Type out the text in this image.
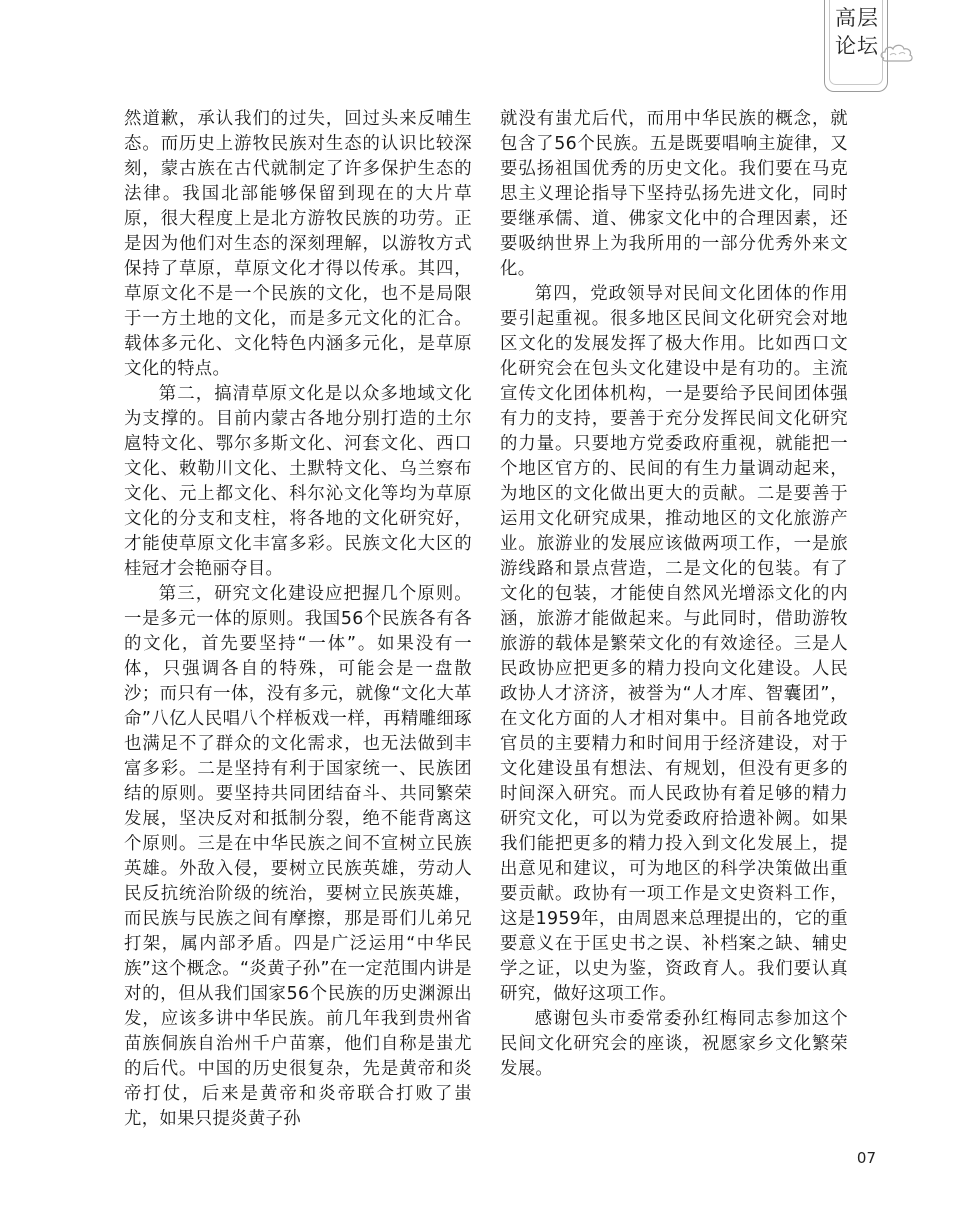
高层
论坛

然道歉，承认我们的过失，回过头来反哺生态。而历史上游牧民族对生态的认识比较深刻，蒙古族在古代就制定了许多保护生态的法律。我国北部能够保留到现在的大片草原，很大程度上是北方游牧民族的功劳。正是因为他们对生态的深刻理解，以游牧方式保持了草原，草原文化才得以传承。其四，草原文化不是一个民族的文化，也不是局限于一方土地的文化，而是多元文化的汇合。载体多元化、文化特色内涵多元化，是草原文化的特点。

第二，搞清草原文化是以众多地域文化为支撑的。目前内蒙古各地分别打造的土尔扈特文化、鄂尔多斯文化、河套文化、西口文化、敕勒川文化、土默特文化、乌兰察布文化、元上都文化、科尔沁文化等均为草原文化的分支和支柱，将各地的文化研究好，才能使草原文化丰富多彩。民族文化大区的桂冠才会艳丽夺目。

第三，研究文化建设应把握几个原则。一是多元一体的原则。我国56个民族各有各的文化，首先要坚持“一体”。如果没有一体，只强调各自的特殊，可能会是一盘散沙；而只有一体，没有多元，就像“文化大革命”八亿人民唱八个样板戏一样，再精雕细琢也满足不了群众的文化需求，也无法做到丰富多彩。二是坚持有利于国家统一、民族团结的原则。要坚持共同团结奋斗、共同繁荣发展，坚决反对和抵制分裂，绝不能背离这个原则。三是在中华民族之间不宣树立民族英雄。外敌入侵，要树立民族英雄，劳动人民反抗统治阶级的统治，要树立民族英雄，而民族与民族之间有摩擦，那是哥们儿弟兄打架，属内部矛盾。四是广泛运用“中华民族”这个概念。“炎黄子孙”在一定范围内讲是对的，但从我们国家56个民族的历史渊源出发，应该多讲中华民族。前几年我到贵州省苗族侗族自治州千户苗寨，他们自称是蚩尤的后代。中国的历史很复杂，先是黄帝和炎帝打仗，后来是黄帝和炎帝联合打败了蚩尤，如果只提炎黄子孙

就没有蚩尤后代，而用中华民族的概念，就包含了56个民族。五是既要唱响主旋律，又要弘扬祖国优秀的历史文化。我们要在马克思主义理论指导下坚持弘扬先进文化，同时要继承儒、道、佛家文化中的合理因素，还要吸纳世界上为我所用的一部分优秀外来文化。

第四，党政领导对民间文化团体的作用要引起重视。很多地区民间文化研究会对地区文化的发展发挥了极大作用。比如西口文化研究会在包头文化建设中是有功的。主流宣传文化团体机构，一是要给予民间团体强有力的支持，要善于充分发挥民间文化研究的力量。只要地方党委政府重视，就能把一个地区官方的、民间的有生力量调动起来，为地区的文化做出更大的贡献。二是要善于运用文化研究成果，推动地区的文化旅游产业。旅游业的发展应该做两项工作，一是旅游线路和景点营造，二是文化的包装。有了文化的包装，才能使自然风光增添文化的内涵，旅游才能做起来。与此同时，借助游牧旅游的载体是繁荣文化的有效途径。三是人民政协应把更多的精力投向文化建设。人民政协人才济济，被誉为“人才库、智囊团”，在文化方面的人才相对集中。目前各地党政官员的主要精力和时间用于经济建设，对于文化建设虽有想法、有规划，但没有更多的时间深入研究。而人民政协有着足够的精力研究文化，可以为党委政府拾遗补阙。如果我们能把更多的精力投入到文化发展上，提出意见和建议，可为地区的科学决策做出重要贡献。政协有一项工作是文史资料工作，这是1959年，由周恩来总理提出的，它的重要意义在于匡史书之误、补档案之缺、辅史学之证，以史为鉴，资政育人。我们要认真研究，做好这项工作。

感谢包头市委常委孙红梅同志参加这个民间文化研究会的座谈，祝愿家乡文化繁荣发展。

07
